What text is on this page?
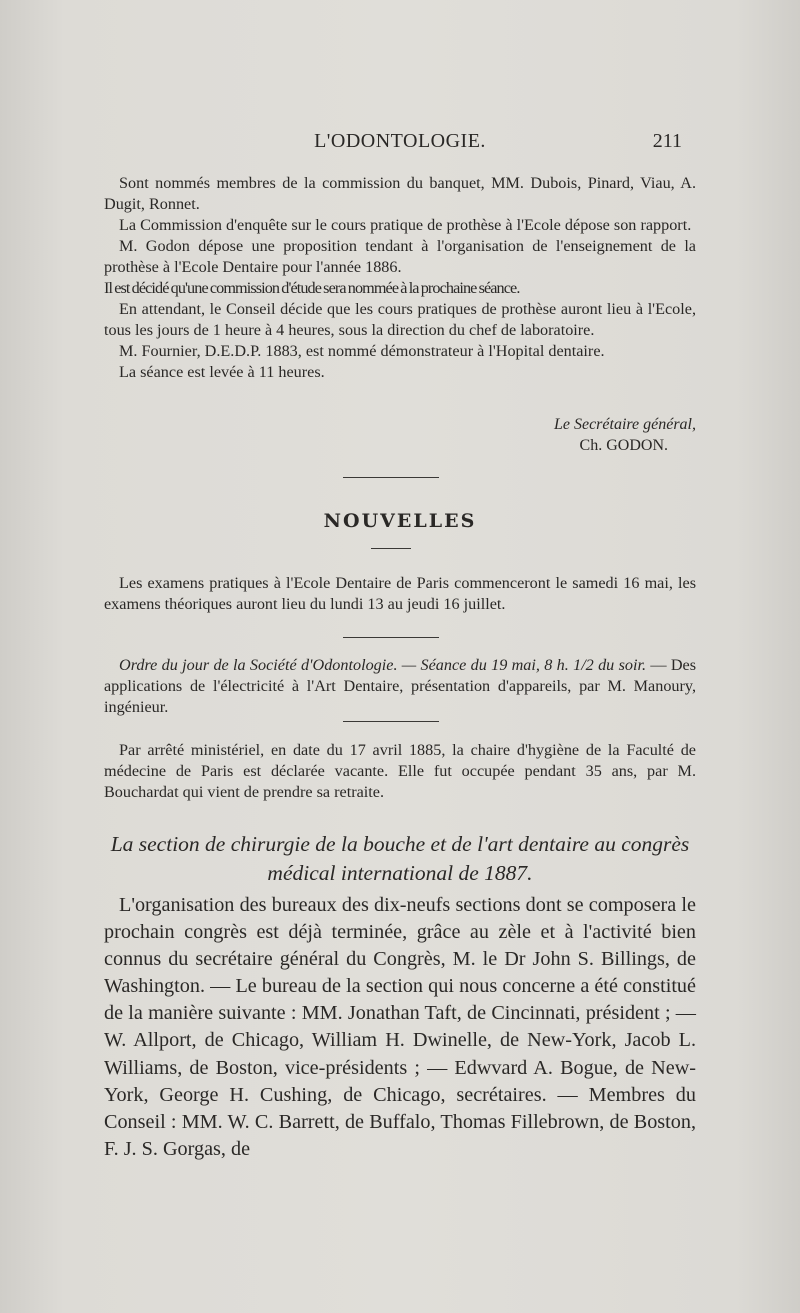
L'ODONTOLOGIE.	211

Sont nommés membres de la commission du banquet, MM. Dubois, Pinard, Viau, A. Dugit, Ronnet.

La Commission d'enquête sur le cours pratique de prothèse à l'Ecole dépose son rapport.

M. Godon dépose une proposition tendant à l'organisation de l'enseignement de la prothèse à l'Ecole Dentaire pour l'année 1886.

Il est décidé qu'une commission d'étude sera nommée à la prochaine séance.

En attendant, le Conseil décide que les cours pratiques de prothèse auront lieu à l'Ecole, tous les jours de 1 heure à 4 heures, sous la direction du chef de laboratoire.

M. Fournier, D.E.D.P. 1883, est nommé démonstrateur à l'Hopital dentaire.

La séance est levée à 11 heures.

Le Secrétaire général,
Ch. GODON.
NOUVELLES

Les examens pratiques à l'Ecole Dentaire de Paris commenceront le samedi 16 mai, les examens théoriques auront lieu du lundi 13 au jeudi 16 juillet.

Ordre du jour de la Société d'Odontologie. — Séance du 19 mai, 8 h. 1/2 du soir. — Des applications de l'électricité à l'Art Dentaire, présentation d'appareils, par M. Manoury, ingénieur.

Par arrêté ministériel, en date du 17 avril 1885, la chaire d'hygiène de la Faculté de médecine de Paris est déclarée vacante. Elle fut occupée pendant 35 ans, par M. Bouchardat qui vient de prendre sa retraite.

La section de chirurgie de la bouche et de l'art dentaire au congrès
médical international de 1887.

L'organisation des bureaux des dix-neufs sections dont se composera le prochain congrès est déjà terminée, grâce au zèle et à l'activité bien connus du secrétaire général du Congrès, M. le Dr John S. Billings, de Washington. — Le bureau de la section qui nous concerne a été constitué de la manière suivante : MM. Jonathan Taft, de Cincinnati, président ; — W. Allport, de Chicago, William H. Dwinelle, de New-York, Jacob L. Williams, de Boston, vice-présidents ; — Edwvard A. Bogue, de New-York, George H. Cushing, de Chicago, secrétaires. — Membres du Conseil : MM. W. C. Barrett, de Buffalo, Thomas Fillebrown, de Boston, F. J. S. Gorgas, de
